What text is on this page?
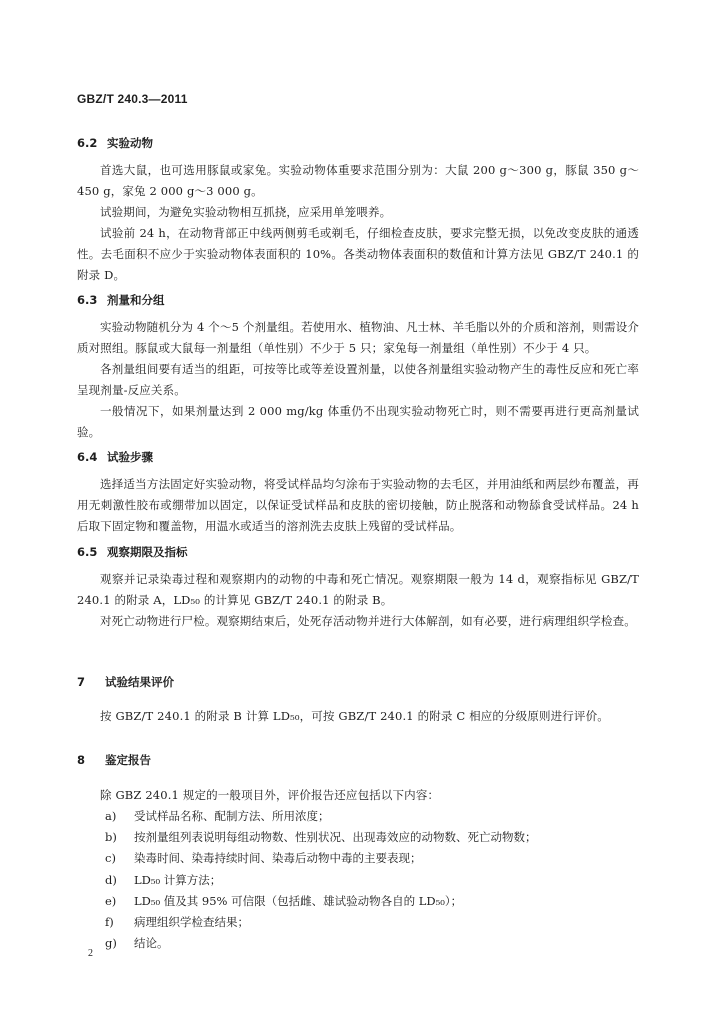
GBZ/T 240.3—2011
6.2 实验动物
首选大鼠，也可选用豚鼠或家兔。实验动物体重要求范围分别为：大鼠 200 g～300 g，豚鼠 350 g～450 g，家兔 2 000 g～3 000 g。
试验期间，为避免实验动物相互抓挠，应采用单笼喂养。
试验前 24 h，在动物背部正中线两侧剪毛或剃毛，仔细检查皮肤，要求完整无损，以免改变皮肤的通透性。去毛面积不应少于实验动物体表面积的 10%。各类动物体表面积的数值和计算方法见 GBZ/T 240.1 的附录 D。
6.3 剂量和分组
实验动物随机分为 4 个～5 个剂量组。若使用水、植物油、凡士林、羊毛脂以外的介质和溶剂，则需设介质对照组。豚鼠或大鼠每一剂量组（单性别）不少于 5 只；家兔每一剂量组（单性别）不少于 4 只。
各剂量组间要有适当的组距，可按等比或等差设置剂量，以使各剂量组实验动物产生的毒性反应和死亡率呈现剂量-反应关系。
一般情况下，如果剂量达到 2 000 mg/kg 体重仍不出现实验动物死亡时，则不需要再进行更高剂量试验。
6.4 试验步骤
选择适当方法固定好实验动物，将受试样品均匀涂布于实验动物的去毛区，并用油纸和两层纱布覆盖，再用无刺激性胶布或绷带加以固定，以保证受试样品和皮肤的密切接触，防止脱落和动物舔食受试样品。24 h 后取下固定物和覆盖物，用温水或适当的溶剂洗去皮肤上残留的受试样品。
6.5 观察期限及指标
观察并记录染毒过程和观察期内的动物的中毒和死亡情况。观察期限一般为 14 d，观察指标见 GBZ/T 240.1 的附录 A，LD₅₀ 的计算见 GBZ/T 240.1 的附录 B。
对死亡动物进行尸检。观察期结束后，处死存活动物并进行大体解剖，如有必要，进行病理组织学检查。
7 试验结果评价
按 GBZ/T 240.1 的附录 B 计算 LD₅₀，可按 GBZ/T 240.1 的附录 C 相应的分级原则进行评价。
8 鉴定报告
除 GBZ 240.1 规定的一般项目外，评价报告还应包括以下内容：
a) 受试样品名称、配制方法、所用浓度；
b) 按剂量组列表说明每组动物数、性别状况、出现毒效应的动物数、死亡动物数；
c) 染毒时间、染毒持续时间、染毒后动物中毒的主要表现；
d) LD₅₀ 计算方法；
e) LD₅₀ 值及其 95% 可信限（包括雌、雄试验动物各自的 LD₅₀）；
f) 病理组织学检查结果；
g) 结论。
2
